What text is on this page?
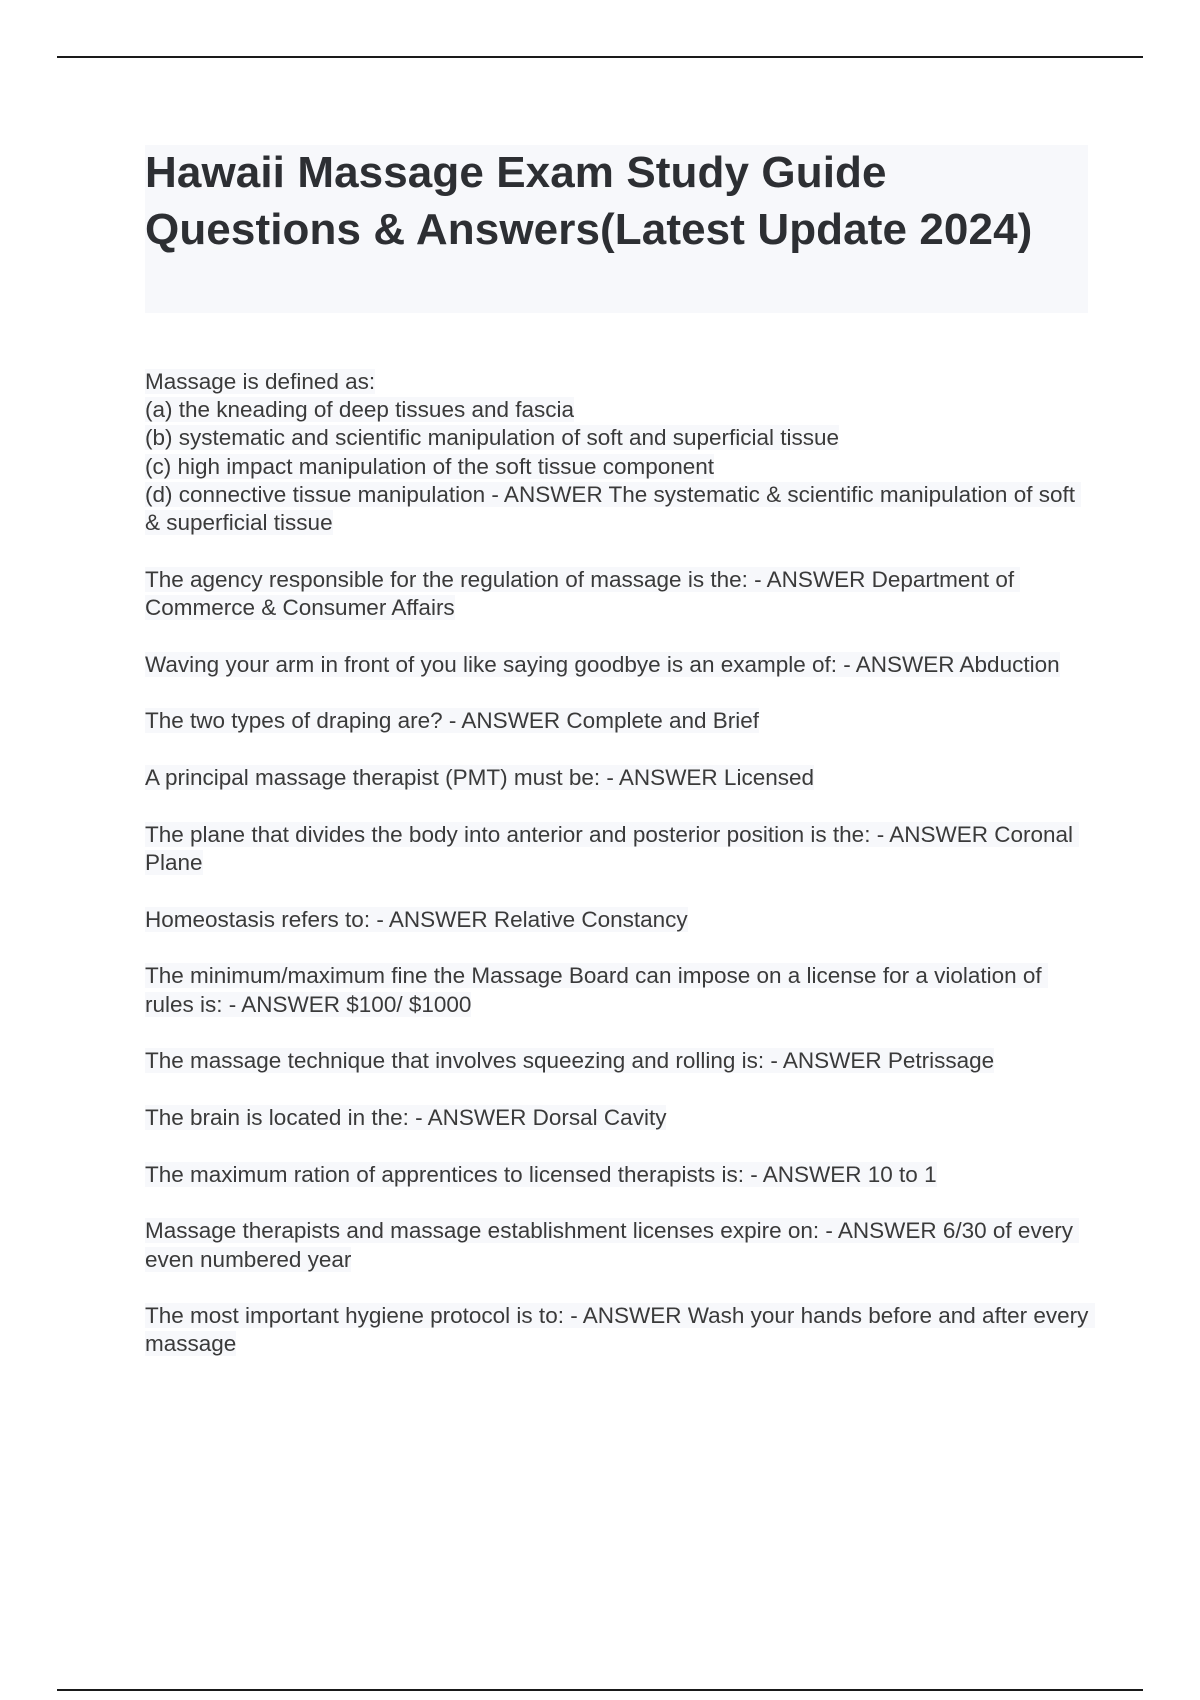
Hawaii Massage Exam Study Guide Questions & Answers(Latest Update 2024)

Massage is defined as:
(a) the kneading of deep tissues and fascia
(b) systematic and scientific manipulation of soft and superficial tissue
(c) high impact manipulation of the soft tissue component
(d) connective tissue manipulation - ANSWER The systematic & scientific manipulation of soft & superficial tissue

The agency responsible for the regulation of massage is the: - ANSWER Department of Commerce & Consumer Affairs

Waving your arm in front of you like saying goodbye is an example of: - ANSWER Abduction

The two types of draping are? - ANSWER Complete and Brief

A principal massage therapist (PMT) must be: - ANSWER Licensed

The plane that divides the body into anterior and posterior position is the: - ANSWER Coronal Plane

Homeostasis refers to: - ANSWER Relative Constancy

The minimum/maximum fine the Massage Board can impose on a license for a violation of rules is: - ANSWER $100/ $1000

The massage technique that involves squeezing and rolling is: - ANSWER Petrissage

The brain is located in the: - ANSWER Dorsal Cavity

The maximum ration of apprentices to licensed therapists is: - ANSWER 10 to 1

Massage therapists and massage establishment licenses expire on: - ANSWER 6/30 of every even numbered year

The most important hygiene protocol is to: - ANSWER Wash your hands before and after every massage
